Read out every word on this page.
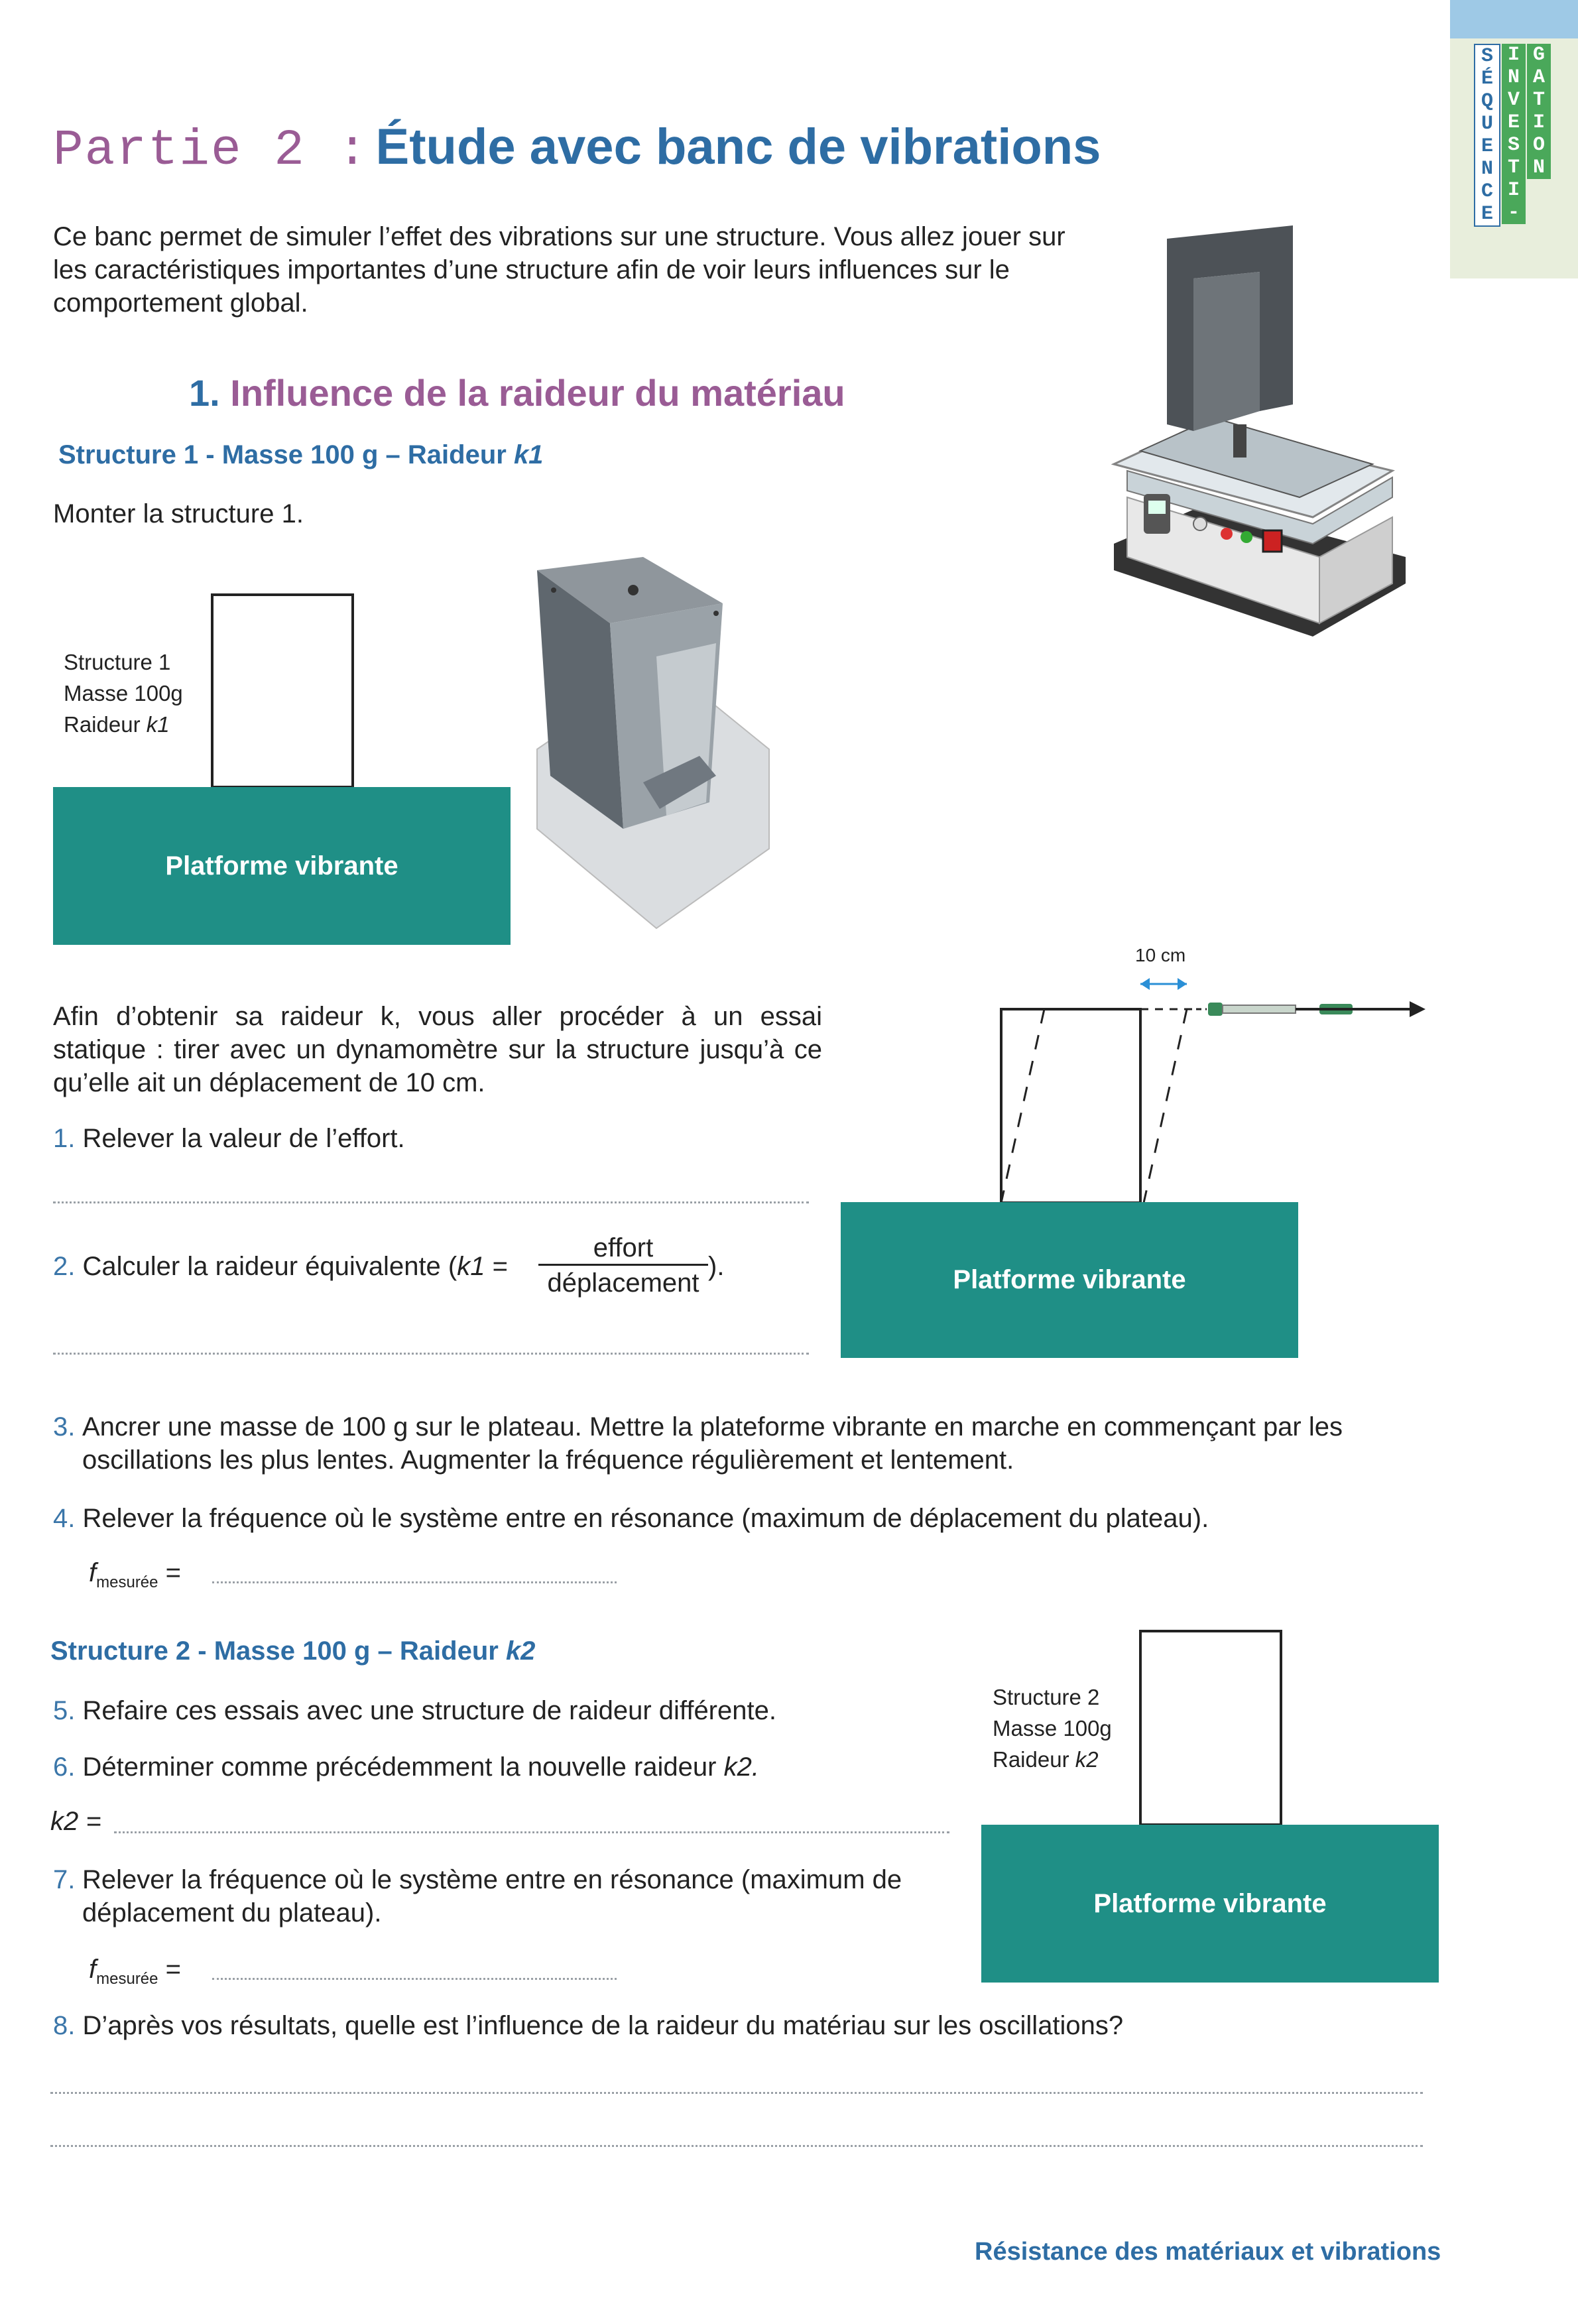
S
É
Q
U
E
N
C
E
I
N
V
E
S
T
I
-
G
A
T
I
O
N
Partie 2 : Étude avec banc de vibrations
Ce banc permet de simuler l’effet des vibrations sur une structure. Vous allez jouer sur les caractéristiques importantes d’une structure afin de voir leurs influences sur le comportement global.
1. Influence de la raideur du matériau
Structure 1 - Masse 100 g – Raideur k1
Monter la structure 1.
Structure 1
Masse 100g
Raideur k1
Platforme vibrante
Afin d’obtenir sa raideur k, vous aller procéder à un essai statique : tirer avec un dynamomètre sur la structure jusqu’à ce qu’elle ait un déplacement de 10 cm.
10 cm
Platforme vibrante
1. Relever la valeur de l’effort.
2. Calculer la raideur équivalente (k1 =
effort
déplacement
).
3. Ancrer une masse de 100 g sur le plateau. Mettre la plateforme vibrante en marche en commençant par les oscillations les plus lentes. Augmenter la fréquence régulièrement et lentement.
4. Relever la fréquence où le système entre en résonance (maximum de déplacement du plateau).
$f_{mesurée}$ =
Structure 2 - Masse 100 g – Raideur k2
5. Refaire ces essais avec une structure de raideur différente.
6. Déterminer comme précédemment la nouvelle raideur k2.
k2 =
7. Relever la fréquence où le système entre en résonance (maximum de déplacement du plateau).
$f_{mesurée}$ =
Structure 2
Masse 100g
Raideur k2
Platforme vibrante
8. D’après vos résultats, quelle est l’influence de la raideur du matériau sur les oscillations?
Résistance des matériaux et vibrations
